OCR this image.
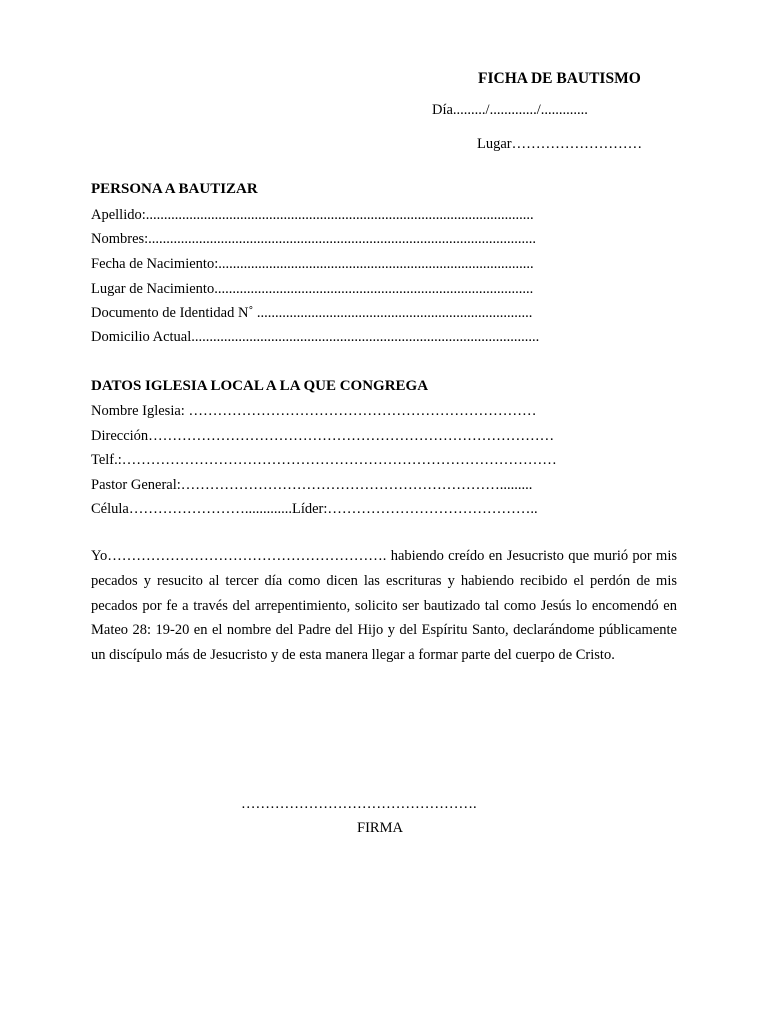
FICHA DE BAUTISMO
Día........./............./.............
Lugar………………………
PERSONA A BAUTIZAR
Apellido:...........................................................................................................
Nombres:...........................................................................................................
Fecha de Nacimiento:.......................................................................................
Lugar de Nacimiento........................................................................................
Documento de Identidad N˚ ............................................................................
Domicilio Actual................................................................................................
DATOS IGLESIA LOCAL A LA QUE CONGREGA
Nombre Iglesia: ………………………………………………………………
Dirección…………………………………………………………………………
Telf.:………………………………………………………………………………
Pastor General:………………………………………………………….........
Célula…………………….............Líder:……………………………………..

Yo…………………………………………………. habiendo creído en Jesucristo que murió por mis pecados y resucito al tercer día como dicen las escrituras y habiendo recibido el perdón de mis pecados por fe a través del arrepentimiento, solicito ser bautizado tal como Jesús lo encomendó en Mateo 28: 19-20 en el nombre del Padre del Hijo y del Espíritu Santo, declarándome públicamente un discípulo más de Jesucristo y de esta manera llegar a formar parte del cuerpo de Cristo.

………………………………………….
FIRMA
